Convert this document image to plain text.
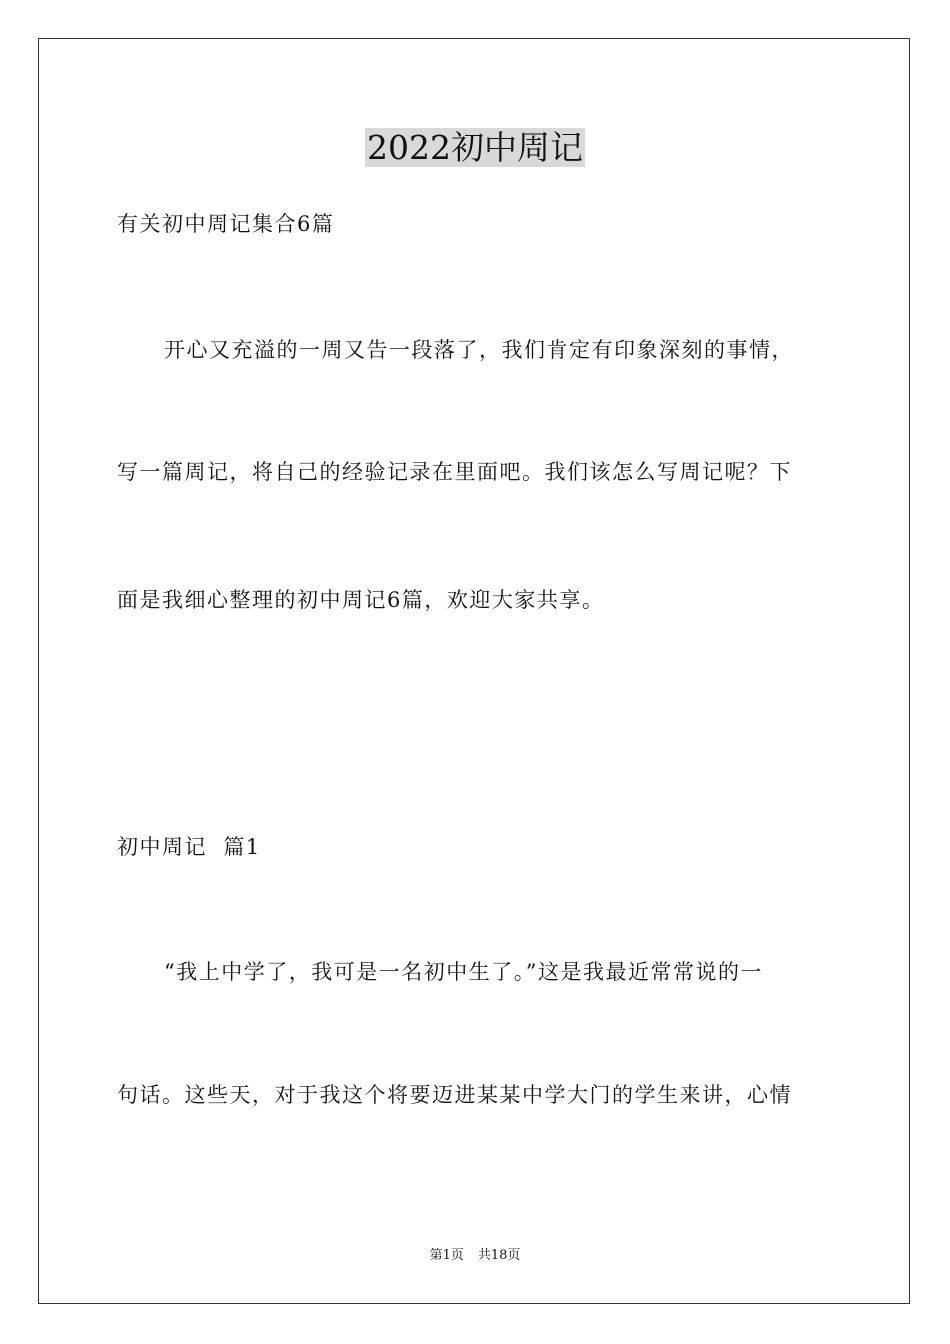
2022初中周记
有关初中周记集合6篇
开心又充溢的一周又告一段落了，我们肯定有印象深刻的事情，
写一篇周记，将自己的经验记录在里面吧。我们该怎么写周记呢？下
面是我细心整理的初中周记6篇，欢迎大家共享。
初中周记  篇1
“我上中学了，我可是一名初中生了。”这是我最近常常说的一
句话。这些天，对于我这个将要迈进某某中学大门的学生来讲，心情
第1页 共18页
